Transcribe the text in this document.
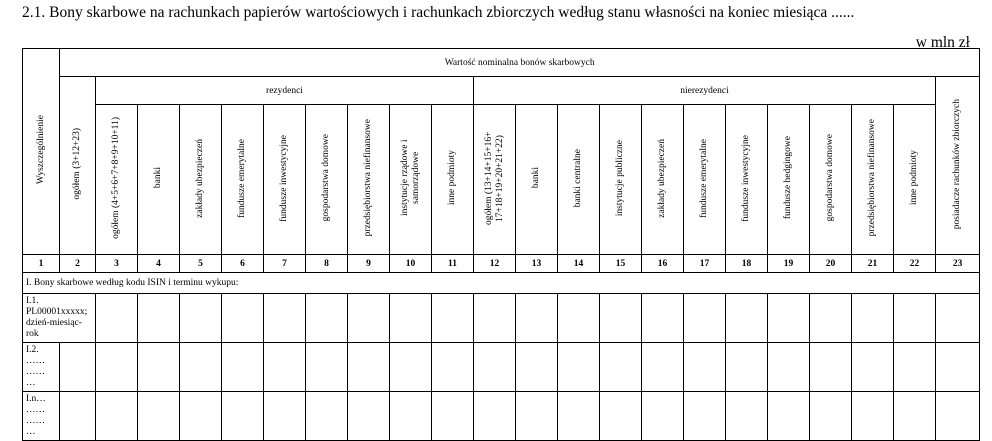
2.1. Bony skarbowe na rachunkach papierów wartościowych i rachunkach zbiorczych według stanu własności na koniec miesiąca ......
w mln zł
Wyszczególnienie	Wartość nominalna bonów skarbowych																					
	ogółem (3+12+23)	rezydenci									nierezydenci											posiadacze rachunków zbiorczych
		ogółem (4+5+6+7+8+9+10+11)	banki	zakłady ubezpieczeń	fundusze emerytalne	fundusze inwestycyjne	gospodarstwa domowe	przedsiębiorstwa niefinansowe	instytucje rządowe i samorządowe	inne podmioty	ogółem (13+14+15+16+ 17+18+19+20+21+22)	banki	banki centralne	instytucje publiczne	zakłady ubezpieczeń	fundusze emerytalne	fundusze inwestycyjne	fundusze hedgingowe	gospodarstwa domowe	przedsiębiorstwa niefinansowe	inne podmioty	
1	2	3	4	5	6	7	8	9	10	11	12	13	14	15	16	17	18	19	20	21	22	23
I. Bony skarbowe według kodu ISIN i terminu wykupu:																						

I.1. PL00001xxxxx;
dzień-miesiąc-rok																						

I.2.
……
……
…																						

I.n…
……
……
…																						
